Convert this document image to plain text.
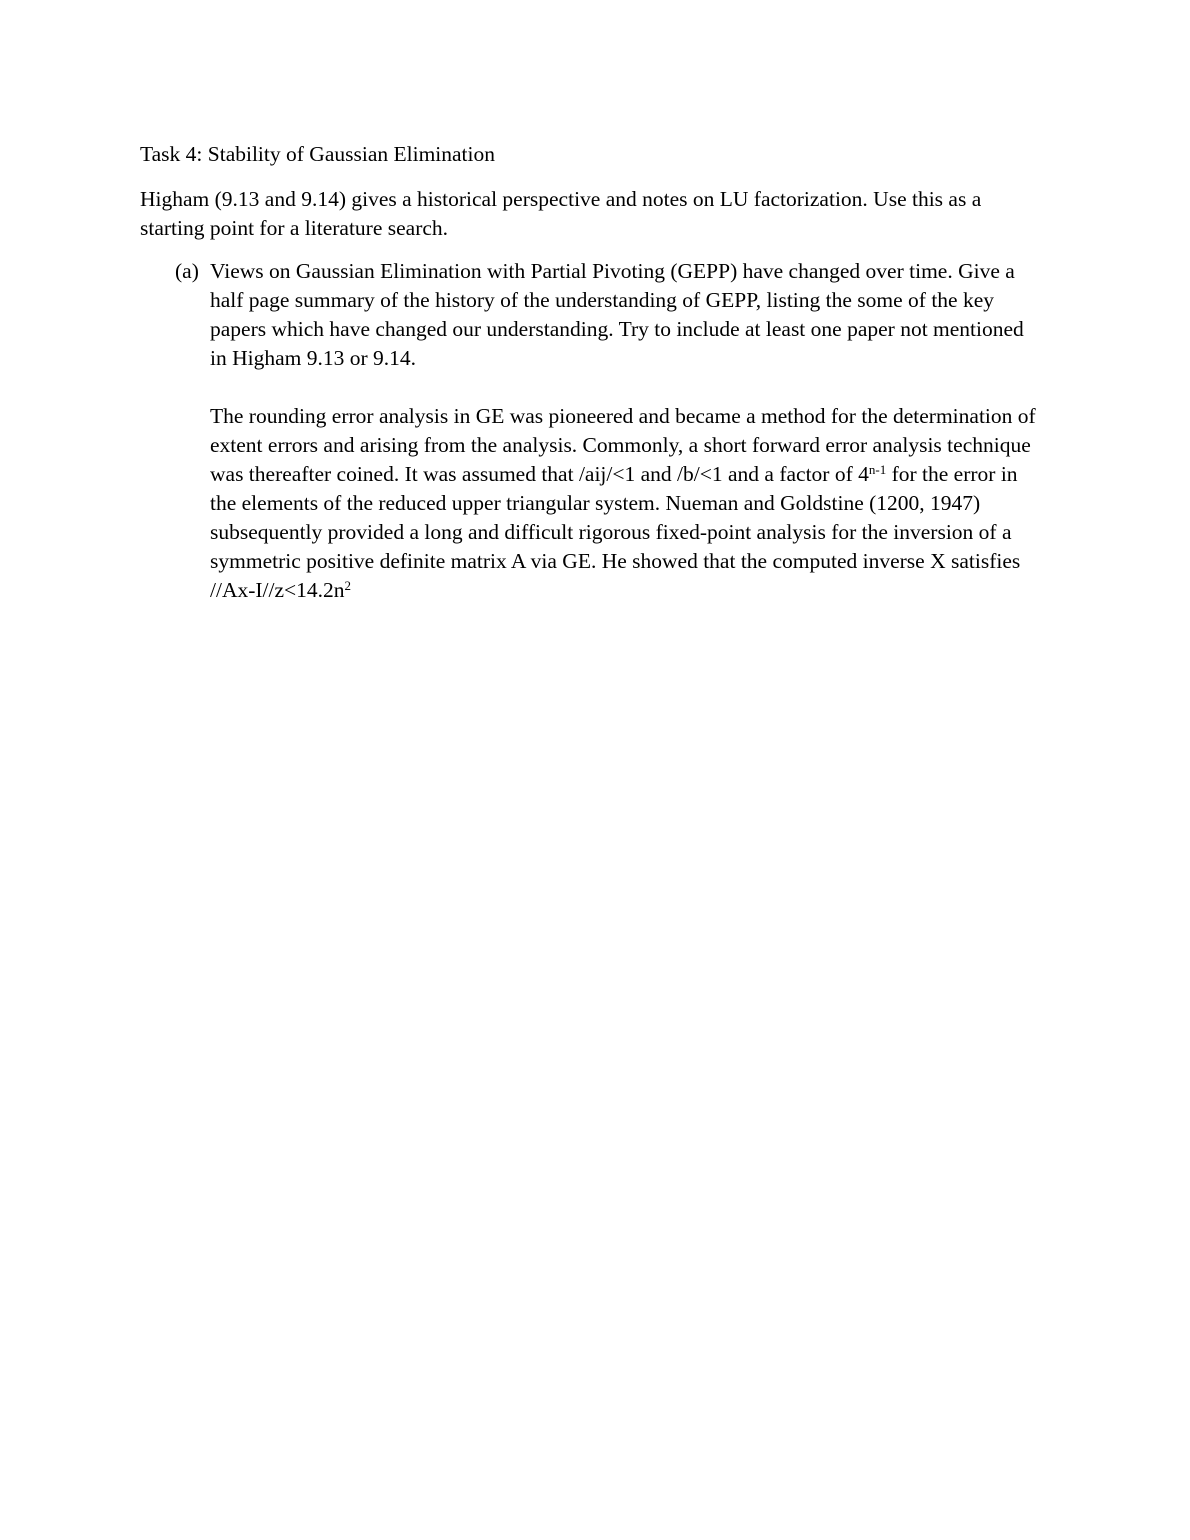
Task 4: Stability of Gaussian Elimination

Higham (9.13 and 9.14) gives a historical perspective and notes on LU factorization. Use this as a starting point for a literature search.

(a) Views on Gaussian Elimination with Partial Pivoting (GEPP) have changed over time. Give a half page summary of the history of the understanding of GEPP, listing the some of the key papers which have changed our understanding. Try to include at least one paper not mentioned in Higham 9.13 or 9.14.

The rounding error analysis in GE was pioneered and became a method for the determination of extent errors and arising from the analysis. Commonly, a short forward error analysis technique was thereafter coined. It was assumed that /aij/<1 and /b/<1 and a factor of 4$^{n-1}$ for the error in the elements of the reduced upper triangular system. Nueman and Goldstine (1200, 1947) subsequently provided a long and difficult rigorous fixed-point analysis for the inversion of a symmetric positive definite matrix A via GE. He showed that the computed inverse X satisfies $//Ax-I//z<14.2n^2$
